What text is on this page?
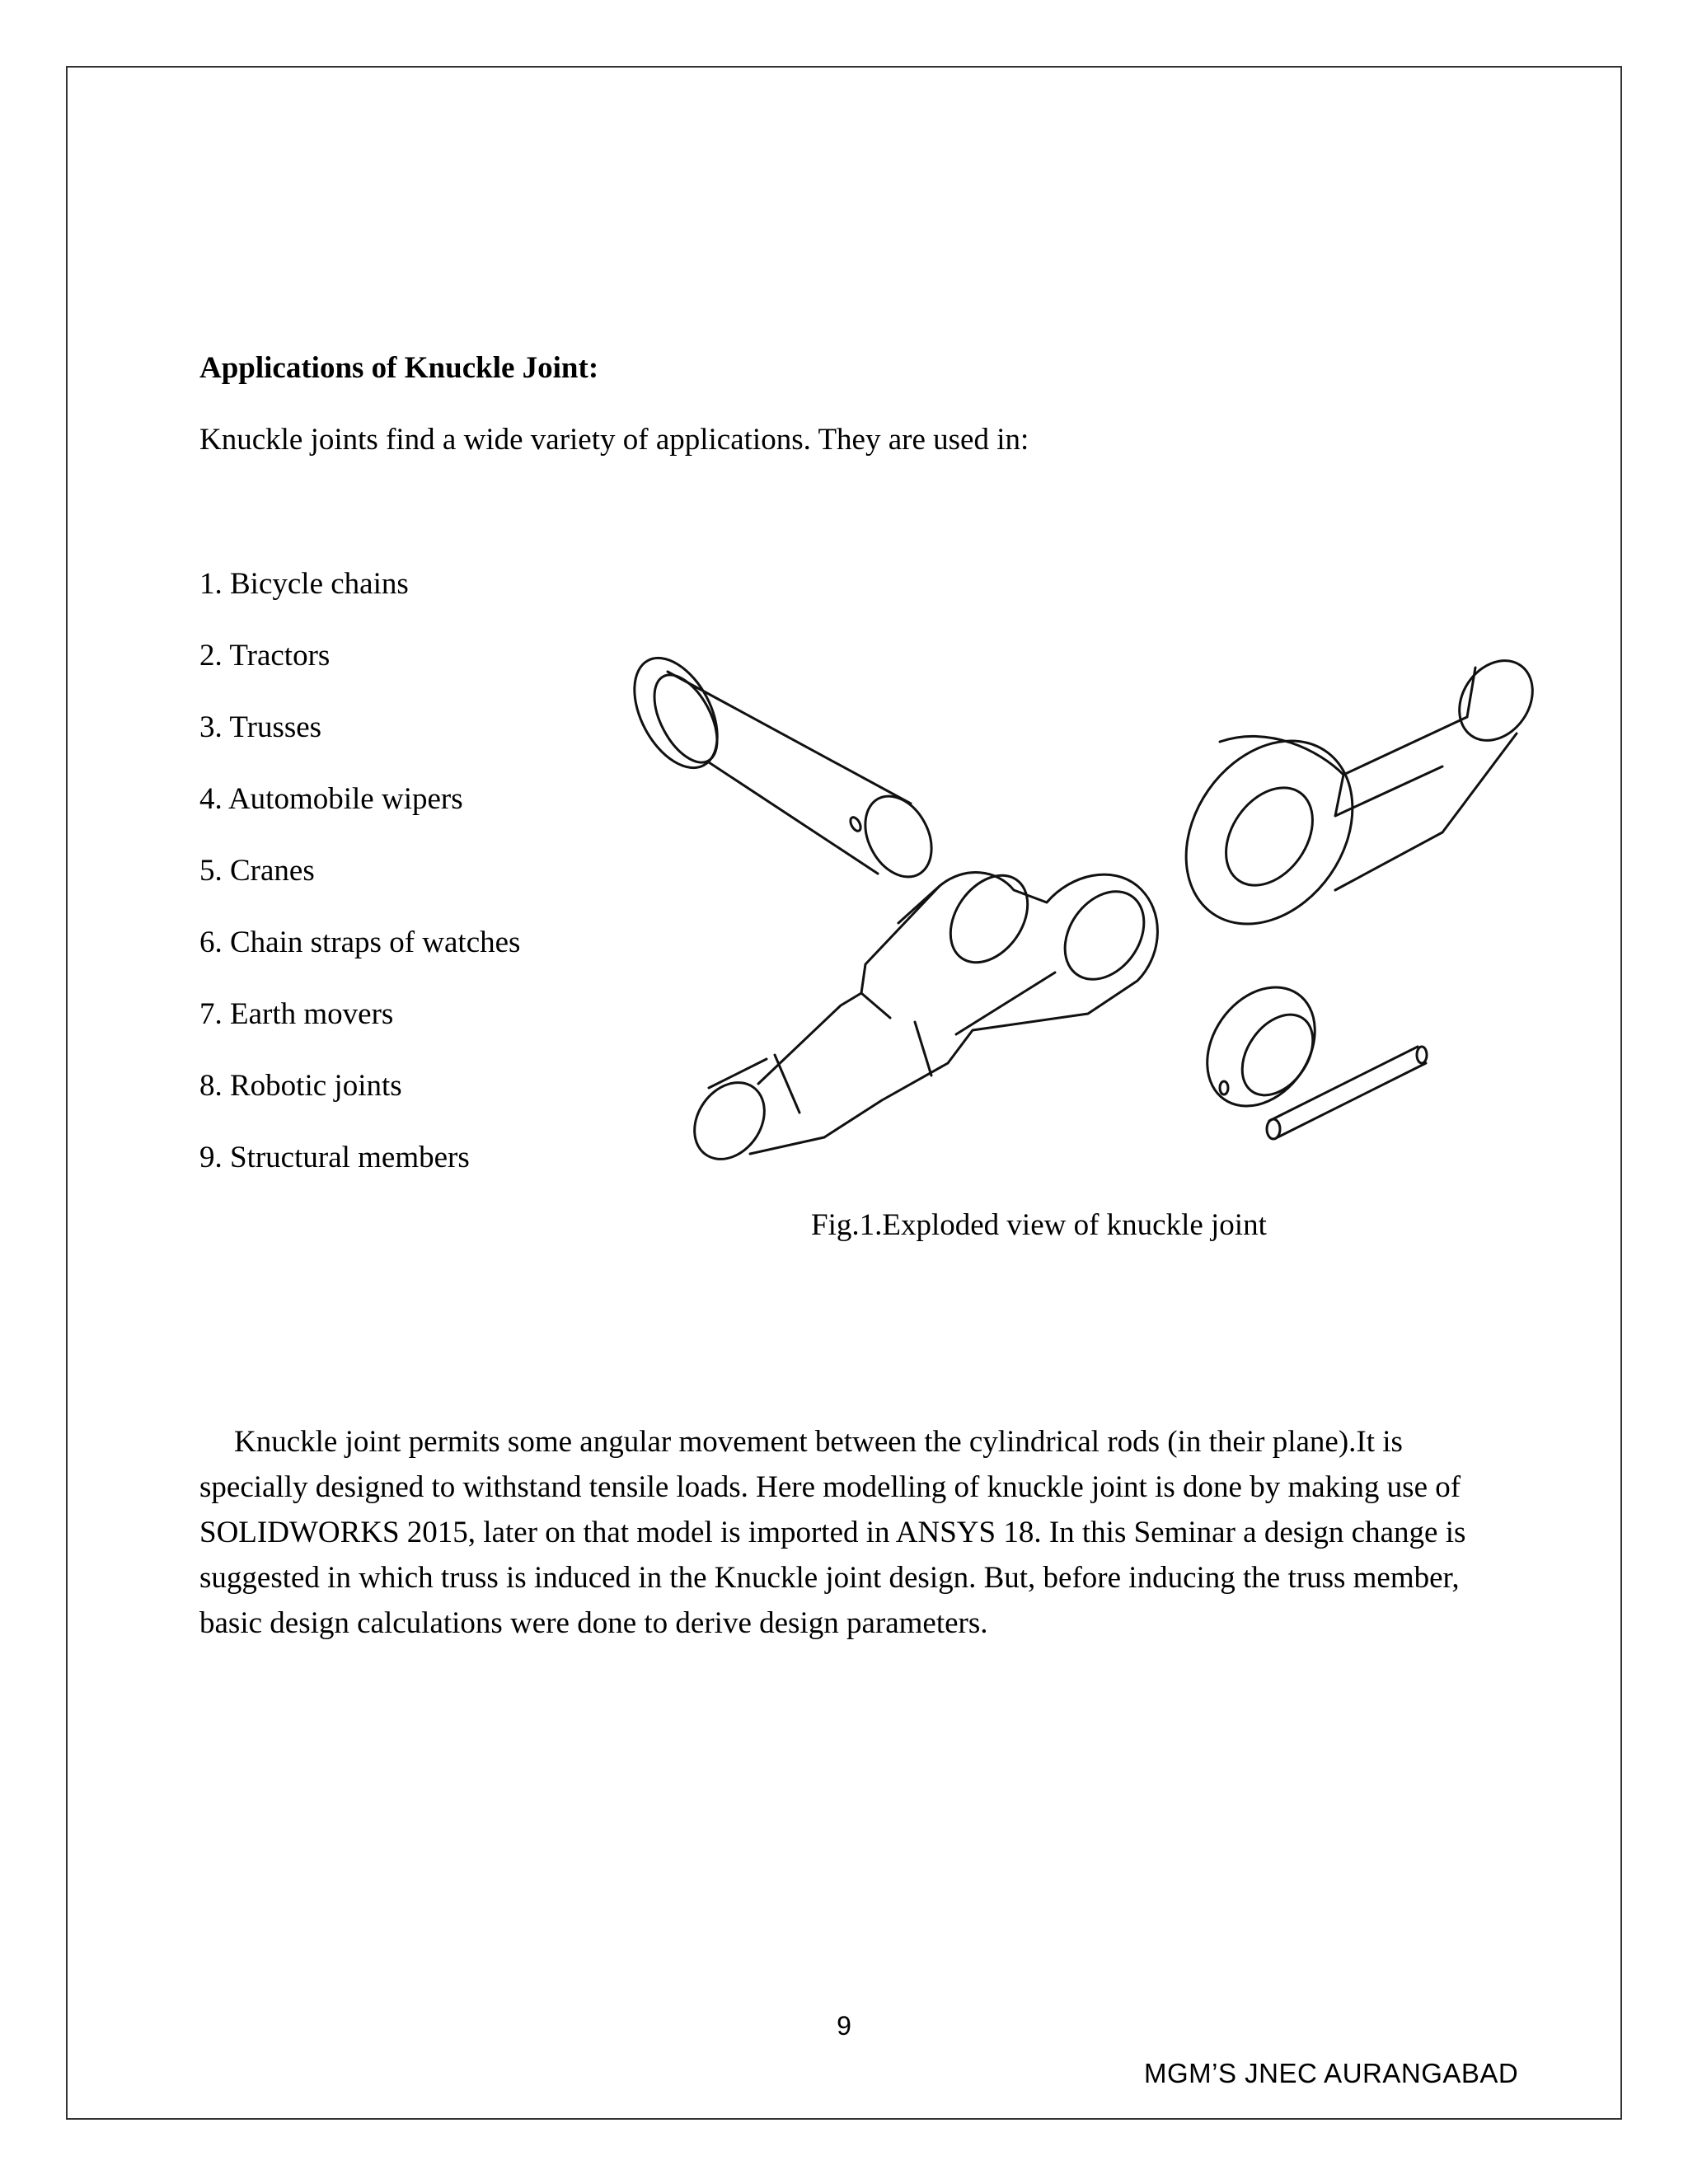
Applications of Knuckle Joint:
Knuckle joints find a wide variety of applications. They are used in:
1. Bicycle chains
2. Tractors
3. Trusses
4. Automobile wipers
5. Cranes
6. Chain straps of watches
7. Earth movers
8. Robotic joints
9. Structural members
Fig.1.Exploded view of knuckle joint

Knuckle joint permits some angular movement between the cylindrical rods (in their plane).It is specially designed to withstand tensile loads. Here modelling of knuckle joint is done by making use of SOLIDWORKS 2015, later on that model is imported in ANSYS 18. In this Seminar a design change is suggested in which truss is induced in the Knuckle joint design. But, before inducing the truss member, basic design calculations were done to derive design parameters.

9
MGM’S JNEC AURANGABAD
